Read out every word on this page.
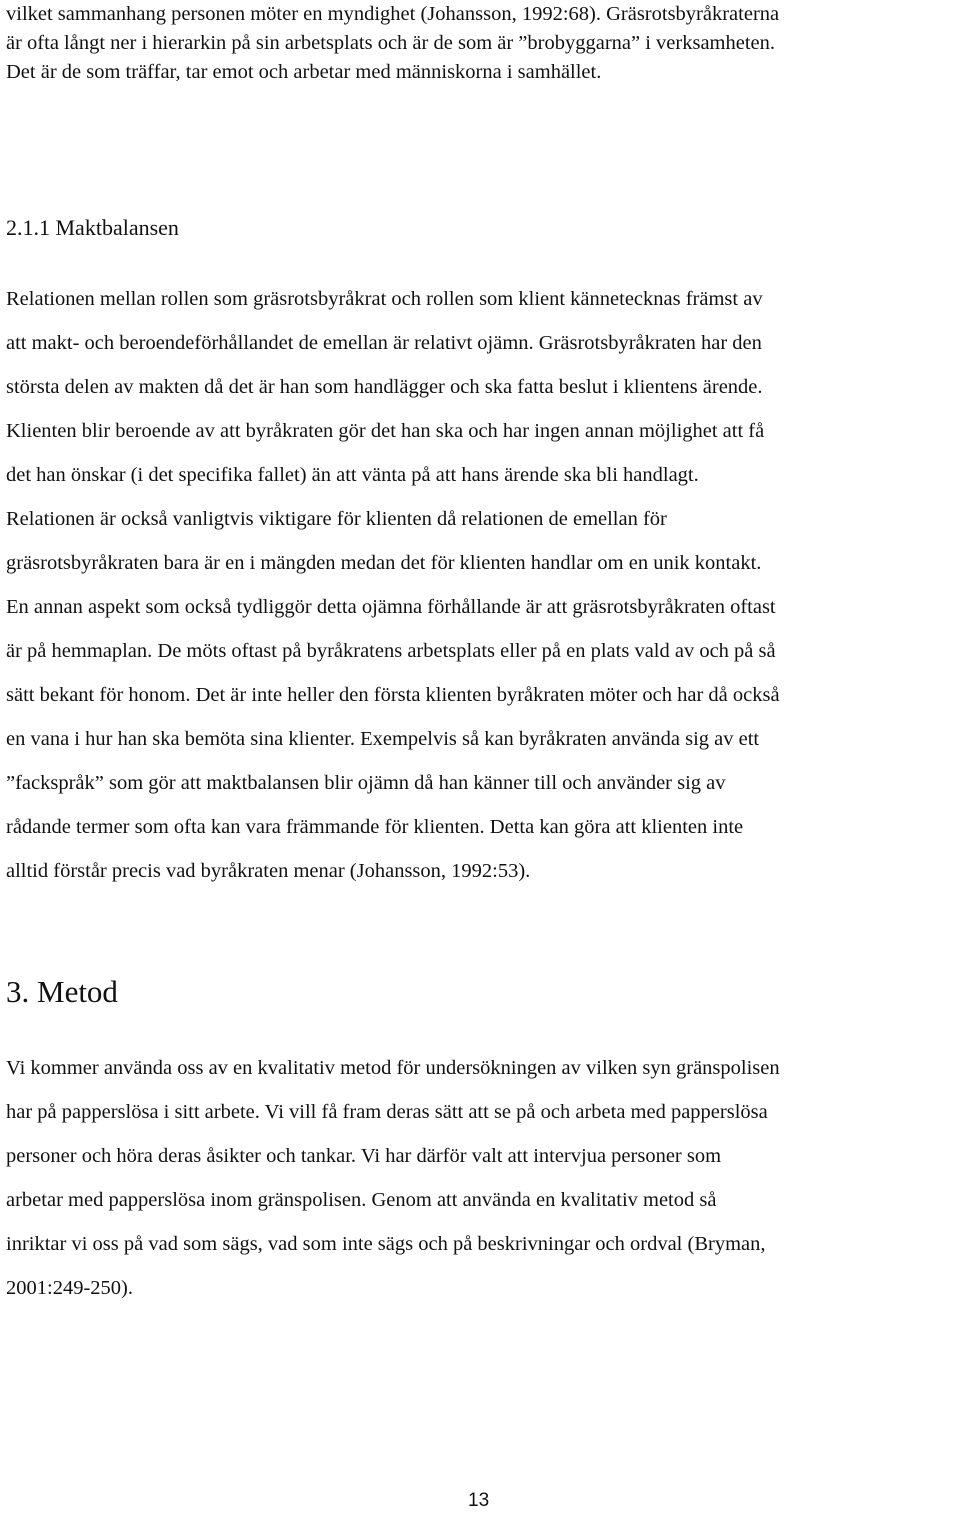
vilket sammanhang personen möter en myndighet (Johansson, 1992:68). Gräsrotsbyråkraterna
är ofta långt ner i hierarkin på sin arbetsplats och är de som är ”brobyggarna” i verksamheten.
Det är de som träffar, tar emot och arbetar med människorna i samhället.
2.1.1 Maktbalansen
Relationen mellan rollen som gräsrotsbyråkrat och rollen som klient kännetecknas främst av
att makt- och beroendeförhållandet de emellan är relativt ojämn. Gräsrotsbyråkraten har den
största delen av makten då det är han som handlägger och ska fatta beslut i klientens ärende.
Klienten blir beroende av att byråkraten gör det han ska och har ingen annan möjlighet att få
det han önskar (i det specifika fallet) än att vänta på att hans ärende ska bli handlagt.
Relationen är också vanligtvis viktigare för klienten då relationen de emellan för
gräsrotsbyråkraten bara är en i mängden medan det för klienten handlar om en unik kontakt.
En annan aspekt som också tydliggör detta ojämna förhållande är att gräsrotsbyråkraten oftast
är på hemmaplan. De möts oftast på byråkratens arbetsplats eller på en plats vald av och på så
sätt bekant för honom. Det är inte heller den första klienten byråkraten möter och har då också
en vana i hur han ska bemöta sina klienter. Exempelvis så kan byråkraten använda sig av ett
”fackspråk” som gör att maktbalansen blir ojämn då han känner till och använder sig av
rådande termer som ofta kan vara främmande för klienten. Detta kan göra att klienten inte
alltid förstår precis vad byråkraten menar (Johansson, 1992:53).
3. Metod
Vi kommer använda oss av en kvalitativ metod för undersökningen av vilken syn gränspolisen
har på papperslösa i sitt arbete. Vi vill få fram deras sätt att se på och arbeta med papperslösa
personer och höra deras åsikter och tankar. Vi har därför valt att intervjua personer som
arbetar med papperslösa inom gränspolisen. Genom att använda en kvalitativ metod så
inriktar vi oss på vad som sägs, vad som inte sägs och på beskrivningar och ordval (Bryman,
2001:249-250).
13
